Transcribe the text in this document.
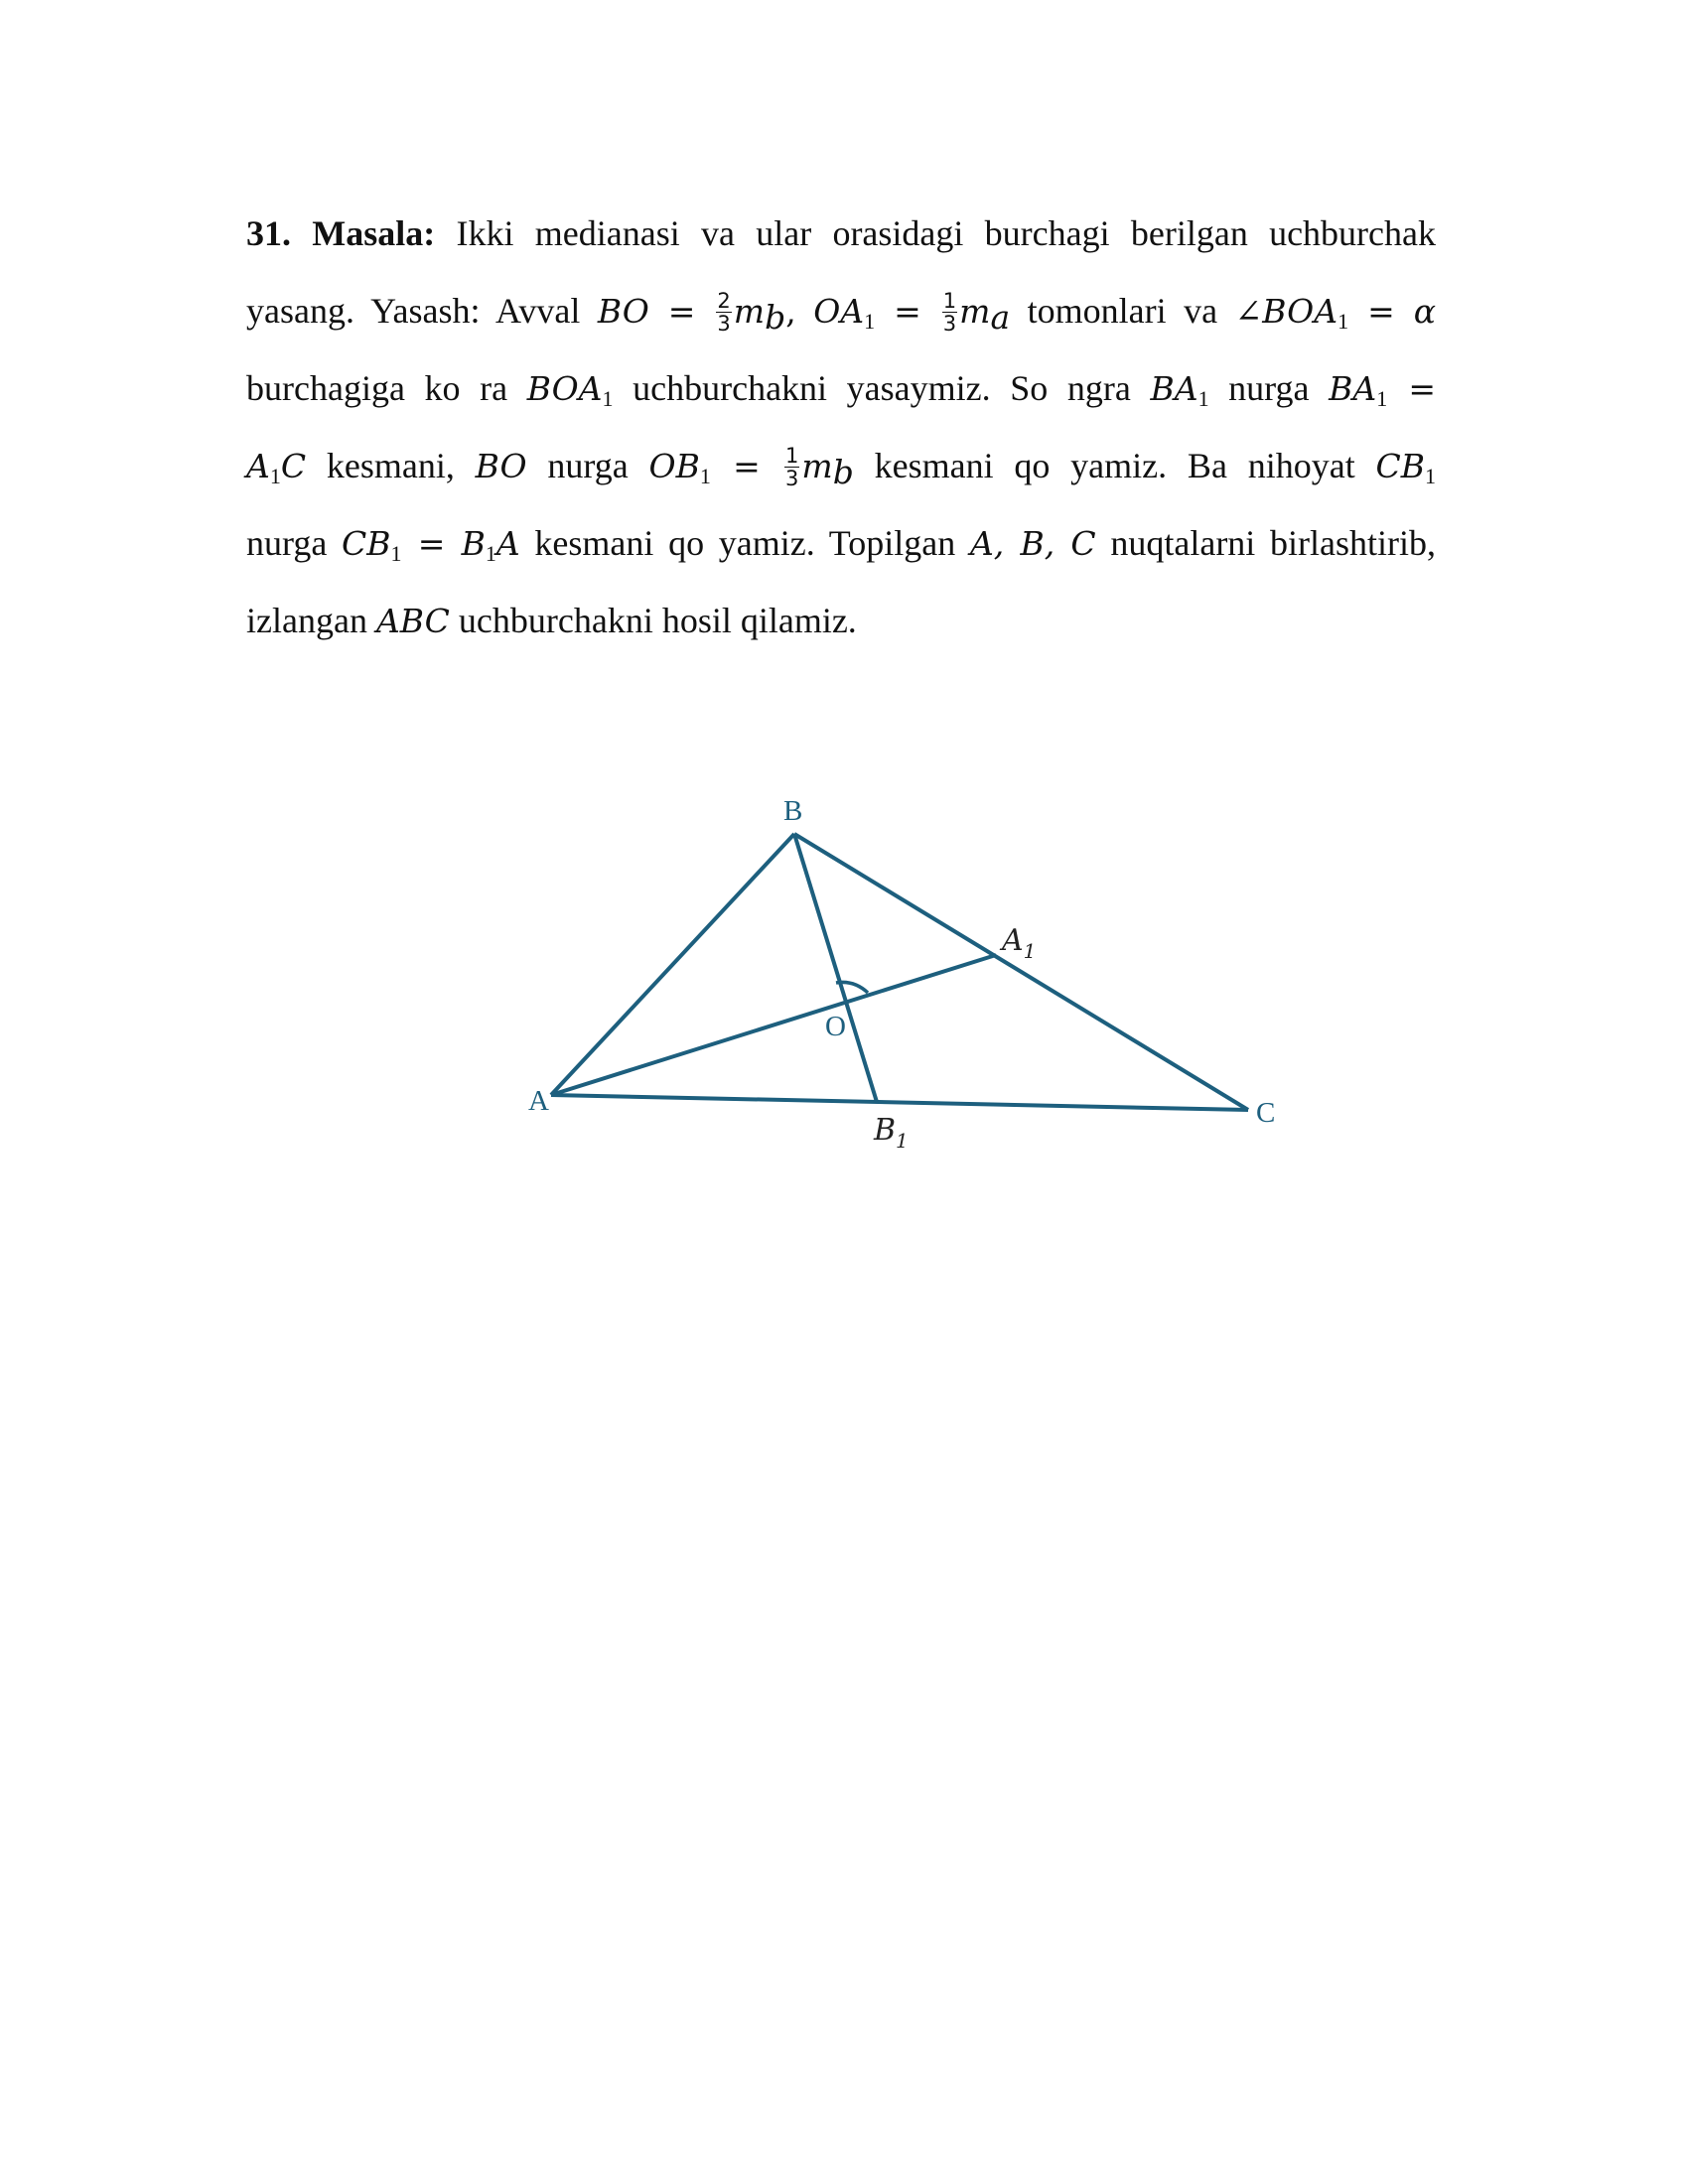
31. Masala: Ikki medianasi va ular orasidagi burchagi berilgan uchburchak
yasang. Yasash: Avval BO = $\frac{2}{3} m_b$, $OA_1 = \frac{1}{3} m_a$ tomonlari va $\angle BOA_1 = \alpha$
burchagiga ko ra $BOA_1$ uchburchakni yasaymiz. So ngra $BA_1$ nurga $BA_1$ =
$A_1C$ kesmani, BO nurga $OB_1 = \frac{1}{3} m_b$ kesmani qo yamiz. Ba nihoyat $CB_1$
nurga $CB_1 = B_1A$ kesmani qo yamiz. Topilgan A, B, C nuqtalarni birlashtirib,
izlangan ABC uchburchakni hosil qilamiz.
B
$A_1$
O
A
$B_1$
C
